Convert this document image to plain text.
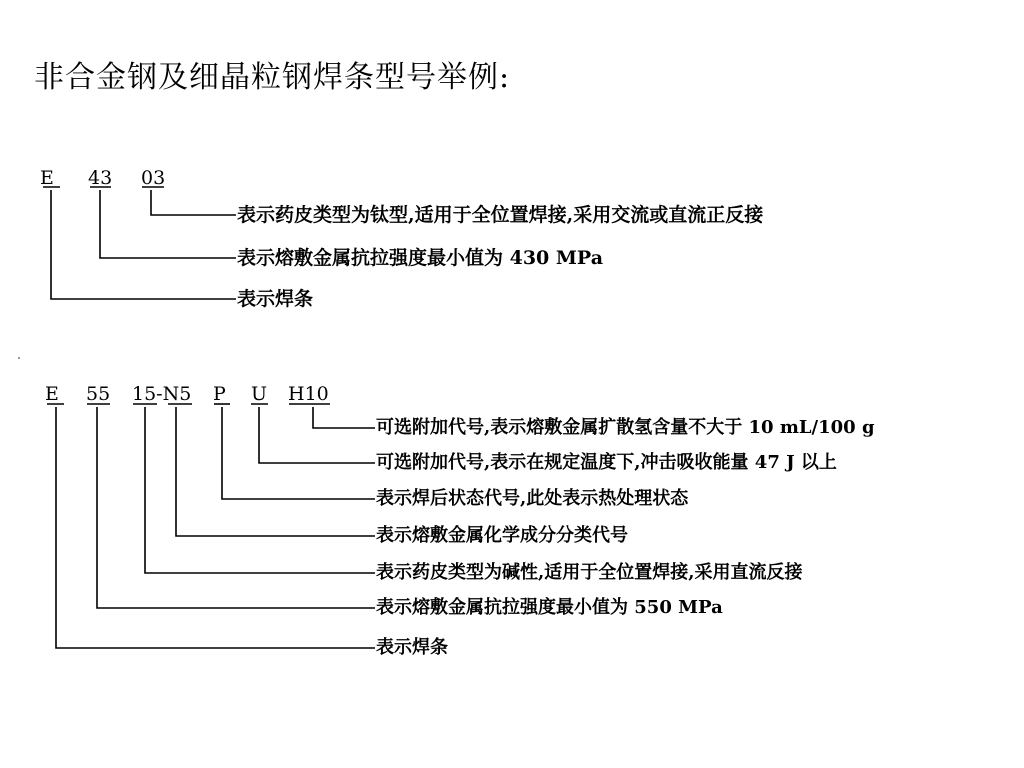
非合金钢及细晶粒钢焊条型号举例:
E 43 03
表示药皮类型为钛型,适用于全位置焊接,采用交流或直流正反接
表示熔敷金属抗拉强度最小值为 430 MPa
表示焊条
E 55 15-N5 P U H10
可选附加代号,表示熔敷金属扩散氢含量不大于 10 mL/100 g
可选附加代号,表示在规定温度下,冲击吸收能量 47 J 以上
表示焊后状态代号,此处表示热处理状态
表示熔敷金属化学成分分类代号
表示药皮类型为碱性,适用于全位置焊接,采用直流反接
表示熔敷金属抗拉强度最小值为 550 MPa
表示焊条
